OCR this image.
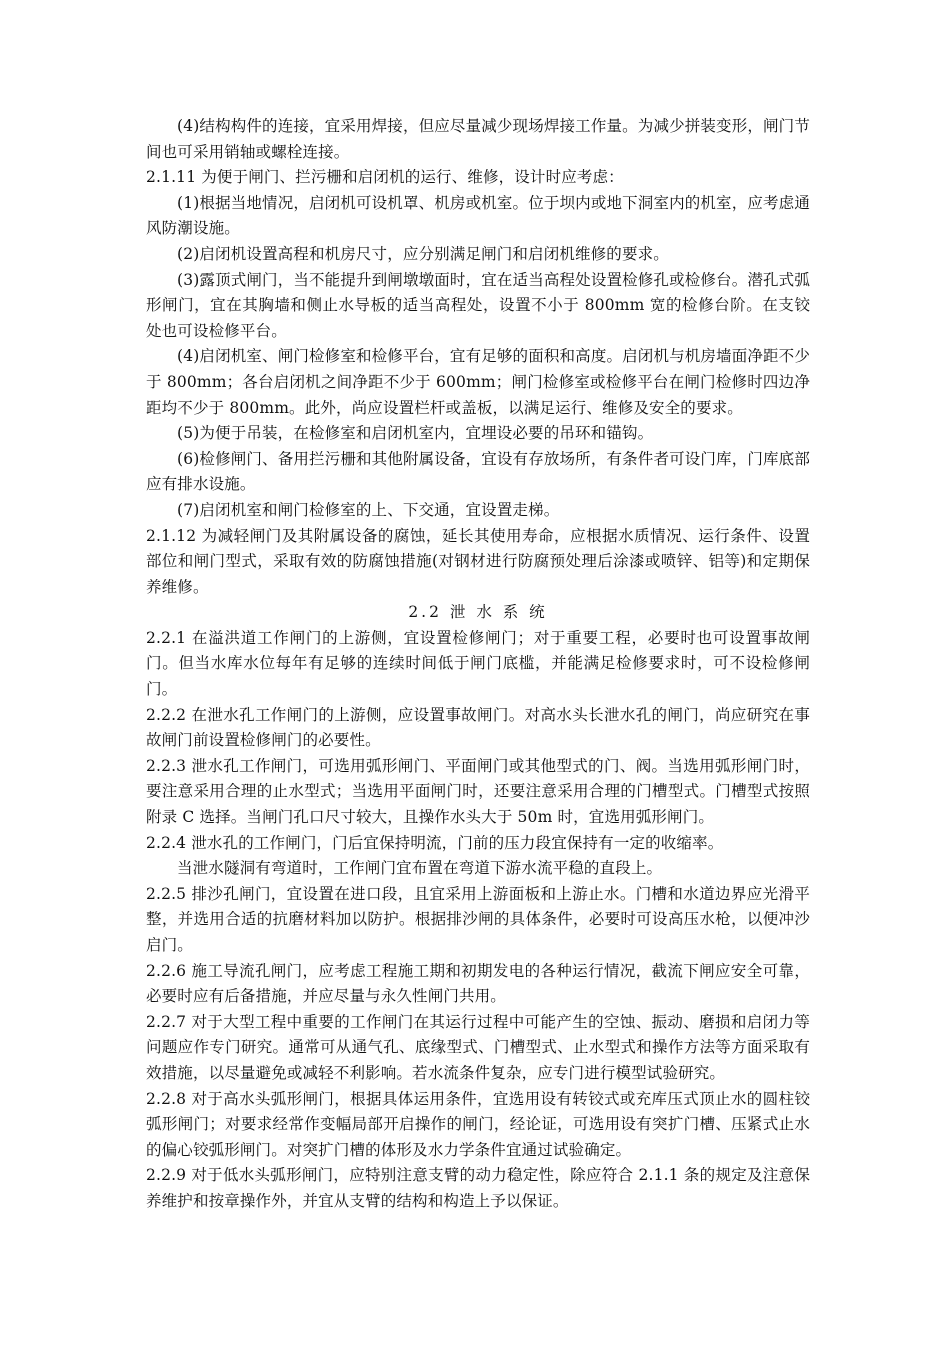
(4)结构构件的连接，宜采用焊接，但应尽量减少现场焊接工作量。为减少拼装变形，闸门节间也可采用销轴或螺栓连接。

2.1.11 为便于闸门、拦污栅和启闭机的运行、维修，设计时应考虑：

(1)根据当地情况，启闭机可设机罩、机房或机室。位于坝内或地下洞室内的机室，应考虑通风防潮设施。

(2)启闭机设置高程和机房尺寸，应分别满足闸门和启闭机维修的要求。

(3)露顶式闸门，当不能提升到闸墩墩面时，宜在适当高程处设置检修孔或检修台。潜孔式弧形闸门，宜在其胸墙和侧止水导板的适当高程处，设置不小于 800mm 宽的检修台阶。在支铰处也可设检修平台。

(4)启闭机室、闸门检修室和检修平台，宜有足够的面积和高度。启闭机与机房墙面净距不少于 800mm；各台启闭机之间净距不少于 600mm；闸门检修室或检修平台在闸门检修时四边净距均不少于 800mm。此外，尚应设置栏杆或盖板，以满足运行、维修及安全的要求。

(5)为便于吊装，在检修室和启闭机室内，宜埋设必要的吊环和锚钩。

(6)检修闸门、备用拦污栅和其他附属设备，宜设有存放场所，有条件者可设门库，门库底部应有排水设施。

(7)启闭机室和闸门检修室的上、下交通，宜设置走梯。

2.1.12 为减轻闸门及其附属设备的腐蚀，延长其使用寿命，应根据水质情况、运行条件、设置部位和闸门型式，采取有效的防腐蚀措施(对钢材进行防腐预处理后涂漆或喷锌、铝等)和定期保养维修。

2.2 泄 水 系 统

2.2.1 在溢洪道工作闸门的上游侧，宜设置检修闸门；对于重要工程，必要时也可设置事故闸门。但当水库水位每年有足够的连续时间低于闸门底槛，并能满足检修要求时，可不设检修闸门。

2.2.2 在泄水孔工作闸门的上游侧，应设置事故闸门。对高水头长泄水孔的闸门，尚应研究在事故闸门前设置检修闸门的必要性。

2.2.3 泄水孔工作闸门，可选用弧形闸门、平面闸门或其他型式的门、阀。当选用弧形闸门时，要注意采用合理的止水型式；当选用平面闸门时，还要注意采用合理的门槽型式。门槽型式按照附录 C 选择。当闸门孔口尺寸较大，且操作水头大于 50m 时，宜选用弧形闸门。

2.2.4 泄水孔的工作闸门，门后宜保持明流，门前的压力段宜保持有一定的收缩率。

当泄水隧洞有弯道时，工作闸门宜布置在弯道下游水流平稳的直段上。

2.2.5 排沙孔闸门，宜设置在进口段，且宜采用上游面板和上游止水。门槽和水道边界应光滑平整，并选用合适的抗磨材料加以防护。根据排沙闸的具体条件，必要时可设高压水枪，以便冲沙启门。

2.2.6 施工导流孔闸门，应考虑工程施工期和初期发电的各种运行情况，截流下闸应安全可靠，必要时应有后备措施，并应尽量与永久性闸门共用。

2.2.7 对于大型工程中重要的工作闸门在其运行过程中可能产生的空蚀、振动、磨损和启闭力等问题应作专门研究。通常可从通气孔、底缘型式、门槽型式、止水型式和操作方法等方面采取有效措施，以尽量避免或减轻不利影响。若水流条件复杂，应专门进行模型试验研究。

2.2.8 对于高水头弧形闸门，根据具体运用条件，宜选用设有转铰式或充库压式顶止水的圆柱铰弧形闸门；对要求经常作变幅局部开启操作的闸门，经论证，可选用设有突扩门槽、压紧式止水的偏心铰弧形闸门。对突扩门槽的体形及水力学条件宜通过试验确定。

2.2.9 对于低水头弧形闸门，应特别注意支臂的动力稳定性，除应符合 2.1.1 条的规定及注意保养维护和按章操作外，并宜从支臂的结构和构造上予以保证。
